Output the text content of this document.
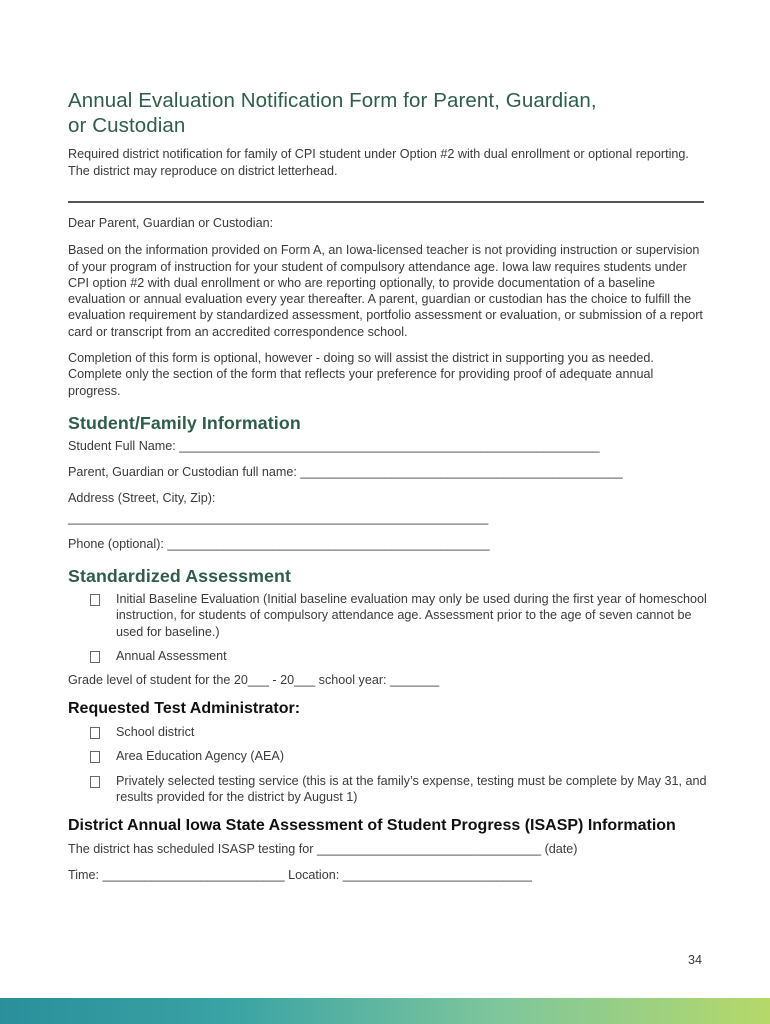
Annual Evaluation Notification Form for Parent, Guardian,
or Custodian
Required district notification for family of CPI student under Option #2 with dual enrollment or optional reporting. The district may reproduce on district letterhead.

Dear Parent, Guardian or Custodian:

Based on the information provided on Form A, an Iowa-licensed teacher is not providing instruction or supervision of your program of instruction for your student of compulsory attendance age. Iowa law requires students under CPI option #2 with dual enrollment or who are reporting optionally, to provide documentation of a baseline evaluation or annual evaluation every year thereafter. A parent, guardian or custodian has the choice to fulfill the evaluation requirement by standardized assessment, portfolio assessment or evaluation, or submission of a report card or transcript from an accredited correspondence school.

Completion of this form is optional, however - doing so will assist the district in supporting you as needed. Complete only the section of the form that reflects your preference for providing proof of adequate annual progress.

Student/Family Information
Student Full Name: ____________________________________________________________
Parent, Guardian or Custodian full name: ______________________________________________
Address (Street, City, Zip):
____________________________________________________________
Phone (optional): ______________________________________________
Standardized Assessment
Initial Baseline Evaluation (Initial baseline evaluation may only be used during the first year of homeschool instruction, for students of compulsory attendance age. Assessment prior to the age of seven cannot be used for baseline.)
Annual Assessment
Grade level of student for the 20___ - 20___ school year: _______
Requested Test Administrator:
School district
Area Education Agency (AEA)
Privately selected testing service (this is at the family’s expense, testing must be complete by May 31, and results provided for the district by August 1)
District Annual Iowa State Assessment of Student Progress (ISASP) Information
The district has scheduled ISASP testing for ________________________________ (date)
Time: __________________________ Location: ___________________________
34
